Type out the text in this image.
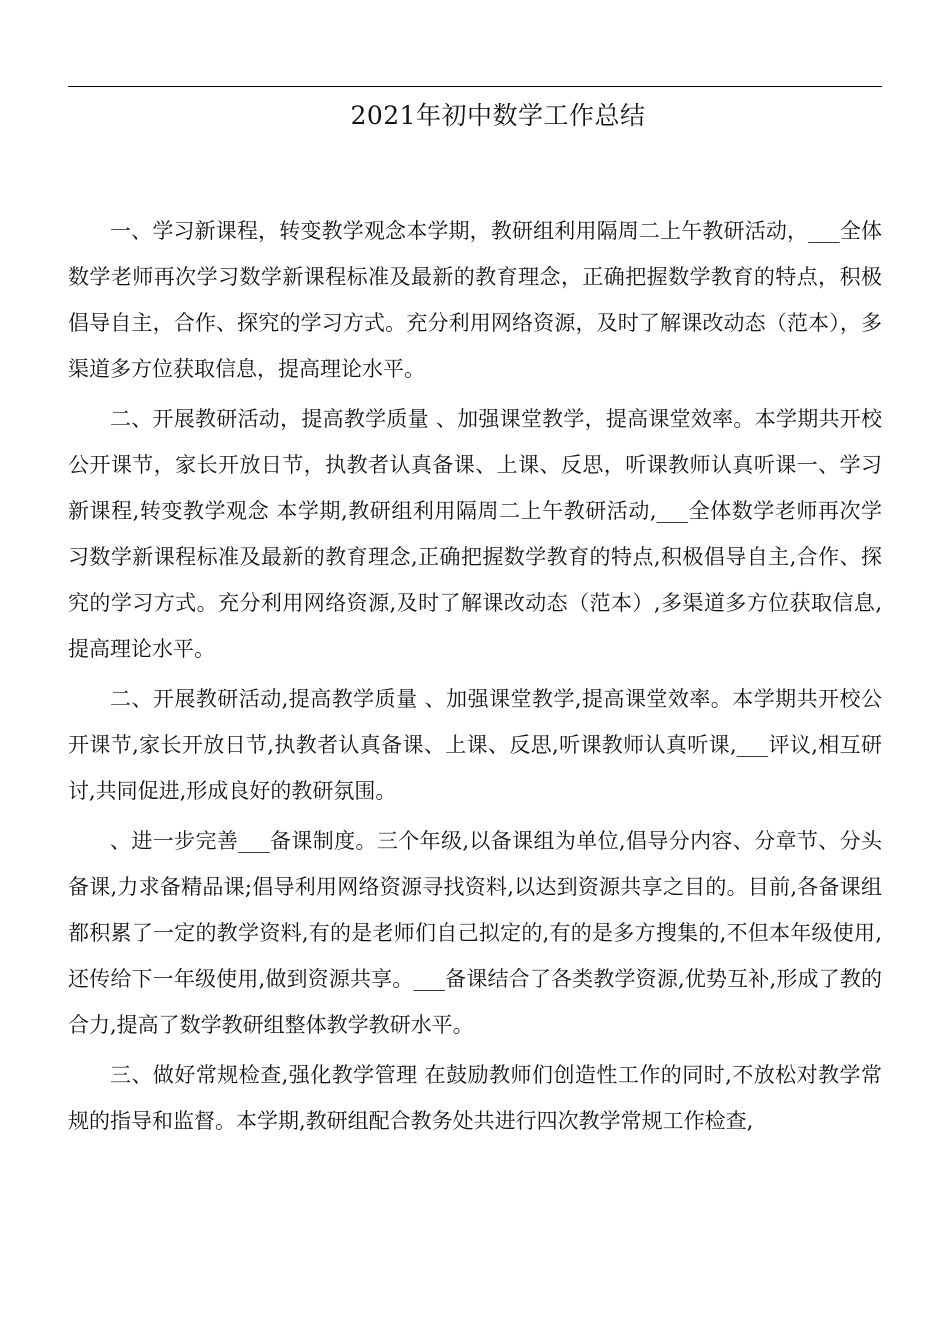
2021年初中数学工作总结

一、学习新课程，转变教学观念本学期，教研组利用隔周二上午教研活动，___全体数学老师再次学习数学新课程标准及最新的教育理念，正确把握数学教育的特点，积极倡导自主，合作、探究的学习方式。充分利用网络资源，及时了解课改动态（范本），多渠道多方位获取信息，提高理论水平。

二、开展教研活动，提高教学质量 、加强课堂教学，提高课堂效率。本学期共开校公开课节，家长开放日节，执教者认真备课、上课、反思，听课教师认真听课一、学习新课程,转变教学观念 本学期,教研组利用隔周二上午教研活动,___全体数学老师再次学习数学新课程标准及最新的教育理念,正确把握数学教育的特点,积极倡导自主,合作、探究的学习方式。充分利用网络资源,及时了解课改动态（范本）,多渠道多方位获取信息,提高理论水平。

二、开展教研活动,提高教学质量 、加强课堂教学,提高课堂效率。本学期共开校公开课节,家长开放日节,执教者认真备课、上课、反思,听课教师认真听课,___评议,相互研讨,共同促进,形成良好的教研氛围。

、进一步完善___备课制度。三个年级,以备课组为单位,倡导分内容、分章节、分头备课,力求备精品课;倡导利用网络资源寻找资料,以达到资源共享之目的。目前,各备课组都积累了一定的教学资料,有的是老师们自己拟定的,有的是多方搜集的,不但本年级使用,还传给下一年级使用,做到资源共享。___备课结合了各类教学资源,优势互补,形成了教的合力,提高了数学教研组整体教学教研水平。

三、做好常规检查,强化教学管理 在鼓励教师们创造性工作的同时,不放松对教学常规的指导和监督。本学期,教研组配合教务处共进行四次教学常规工作检查,
